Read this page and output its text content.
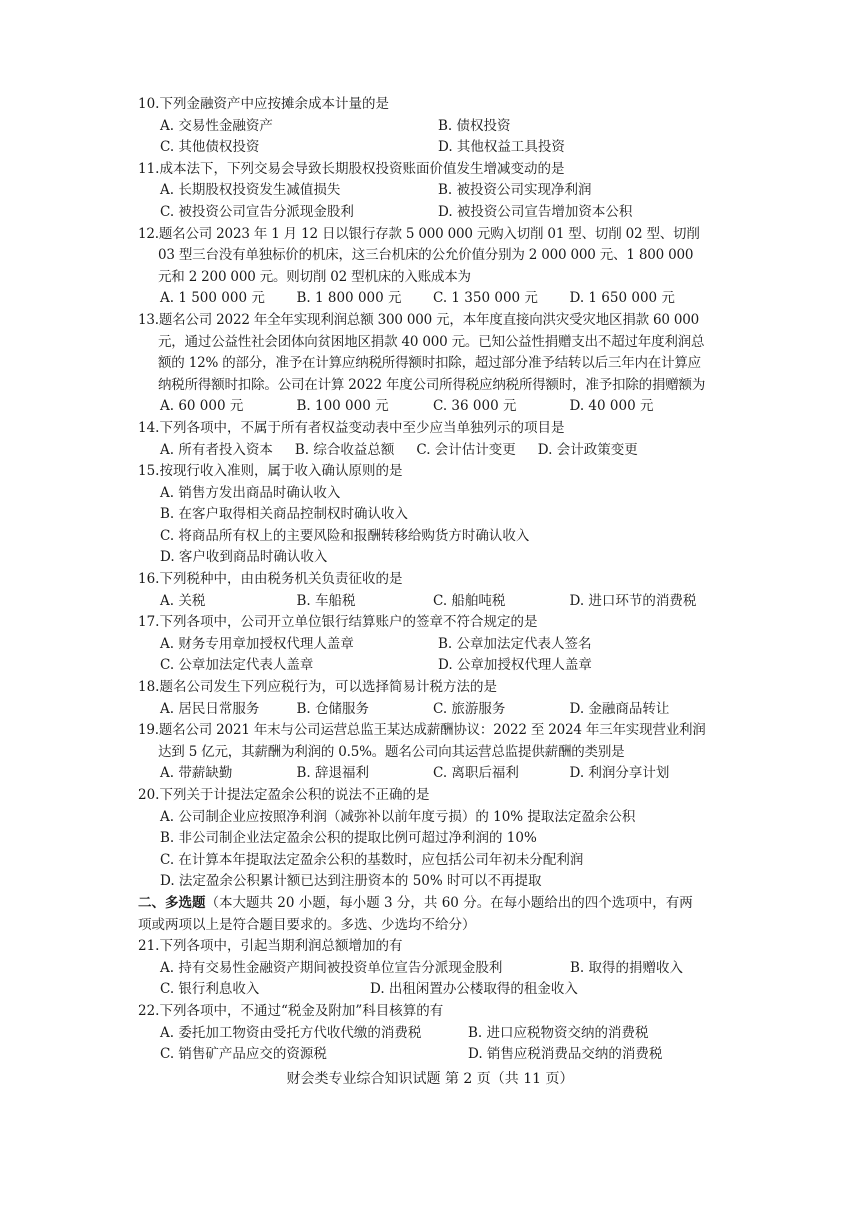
10.下列金融资产中应按摊余成本计量的是
A. 交易性金融资产	B. 债权投资
C. 其他债权投资	D. 其他权益工具投资
11.成本法下，下列交易会导致长期股权投资账面价值发生增减变动的是
A. 长期股权投资发生减值损失	B. 被投资公司实现净利润
C. 被投资公司宣告分派现金股利	D. 被投资公司宣告增加资本公积
12.题名公司 2023 年 1 月 12 日以银行存款 5 000 000 元购入切削 01 型、切削 02 型、切削 03 型三台没有单独标价的机床，这三台机床的公允价值分别为 2 000 000 元、1 800 000 元和 2 200 000 元。则切削 02 型机床的入账成本为
A. 1 500 000 元	B. 1 800 000 元	C. 1 350 000 元	D. 1 650 000 元
13.题名公司 2022 年全年实现利润总额 300 000 元，本年度直接向洪灾受灾地区捐款 60 000 元，通过公益性社会团体向贫困地区捐款 40 000 元。已知公益性捐赠支出不超过年度利润总额的 12% 的部分，准予在计算应纳税所得额时扣除，超过部分准予结转以后三年内在计算应纳税所得额时扣除。公司在计算 2022 年度公司所得税应纳税所得额时，准予扣除的捐赠额为
A. 60 000 元	B. 100 000 元	C. 36 000 元	D. 40 000 元
14.下列各项中，不属于所有者权益变动表中至少应当单独列示的项目是
A. 所有者投入资本 B. 综合收益总额 C. 会计估计变更 D. 会计政策变更
15.按现行收入准则，属于收入确认原则的是
A. 销售方发出商品时确认收入
B. 在客户取得相关商品控制权时确认收入
C. 将商品所有权上的主要风险和报酬转移给购货方时确认收入
D. 客户收到商品时确认收入
16.下列税种中，由由税务机关负责征收的是
A. 关税	B. 车船税	C. 船舶吨税	D. 进口环节的消费税
17.下列各项中，公司开立单位银行结算账户的签章不符合规定的是
A. 财务专用章加授权代理人盖章	B. 公章加法定代表人签名
C. 公章加法定代表人盖章	D. 公章加授权代理人盖章
18.题名公司发生下列应税行为，可以选择简易计税方法的是
A. 居民日常服务	B. 仓储服务	C. 旅游服务	D. 金融商品转让
19.题名公司 2021 年末与公司运营总监王某达成薪酬协议：2022 至 2024 年三年实现营业利润达到 5 亿元，其薪酬为利润的 0.5%。题名公司向其运营总监提供薪酬的类别是
A. 带薪缺勤	B. 辞退福利	C. 离职后福利	D. 利润分享计划
20.下列关于计提法定盈余公积的说法不正确的是
A. 公司制企业应按照净利润（减弥补以前年度亏损）的 10% 提取法定盈余公积
B. 非公司制企业法定盈余公积的提取比例可超过净利润的 10%
C. 在计算本年提取法定盈余公积的基数时，应包括公司年初未分配利润
D. 法定盈余公积累计额已达到注册资本的 50% 时可以不再提取
二、多选题（本大题共 20 小题，每小题 3 分，共 60 分。在每小题给出的四个选项中，有两项或两项以上是符合题目要求的。多选、少选均不给分）
21.下列各项中，引起当期利润总额增加的有
A. 持有交易性金融资产期间被投资单位宣告分派现金股利	B. 取得的捐赠收入
C. 银行利息收入	D. 出租闲置办公楼取得的租金收入
22.下列各项中，不通过“税金及附加”科目核算的有
A. 委托加工物资由受托方代收代缴的消费税	B. 进口应税物资交纳的消费税
C. 销售矿产品应交的资源税	D. 销售应税消费品交纳的消费税
财会类专业综合知识试题 第 2 页（共 11 页）
